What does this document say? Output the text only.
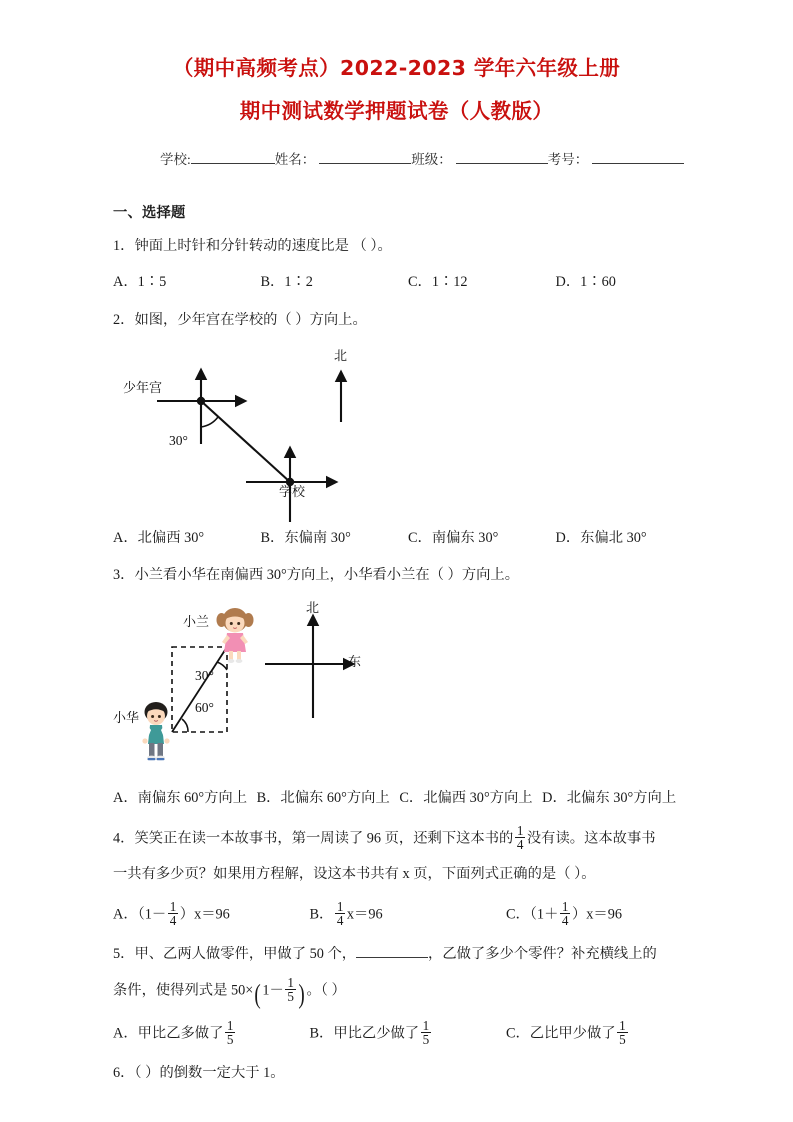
（期中高频考点）2022-2023 学年六年级上册
期中测试数学押题试卷（人教版）
学校:	姓名：	班级：	考号：
一、选择题
1．钟面上时针和分针转动的速度比是 （ ）。
A．1∶5	B．1∶2	C．1∶12	D．1∶60
2．如图，少年宫在学校的（ ）方向上。
少年宫
学校
北
30°
A．北偏西 30°	B．东偏南 30°	C．南偏东 30°	D．东偏北 30°
3．小兰看小华在南偏西 30°方向上，小华看小兰在（ ）方向上。
小兰
小华
北
东
30°
60°
A．南偏东 60°方向上 B．北偏东 60°方向上 C．北偏西 30°方向上 D．北偏东 30°方向上
4．笑笑正在读一本故事书，第一周读了 96 页，还剩下这本书的 $\frac{1}{4}$ 没有读。这本故事书
一共有多少页？如果用方程解，设这本书共有 x 页，下面列式正确的是（ ）。
A．$(1- \frac{1}{4} )x=96$	B． $\frac{1}{4} x=96$	C．$(1+ \frac{1}{4} )x=96$
5．甲、乙两人做零件，甲做了 50 个，	，乙做了多少个零件？补充横线上的
条件，使得列式是 $50\times(1- \frac{1}{5}$ )。（ ）
A．甲比乙多做了 $\frac{1}{5}$	B．甲比乙少做了 $\frac{1}{5}$	C．乙比甲少做了 $\frac{1}{5}$
6．（ ）的倒数一定大于 1。
